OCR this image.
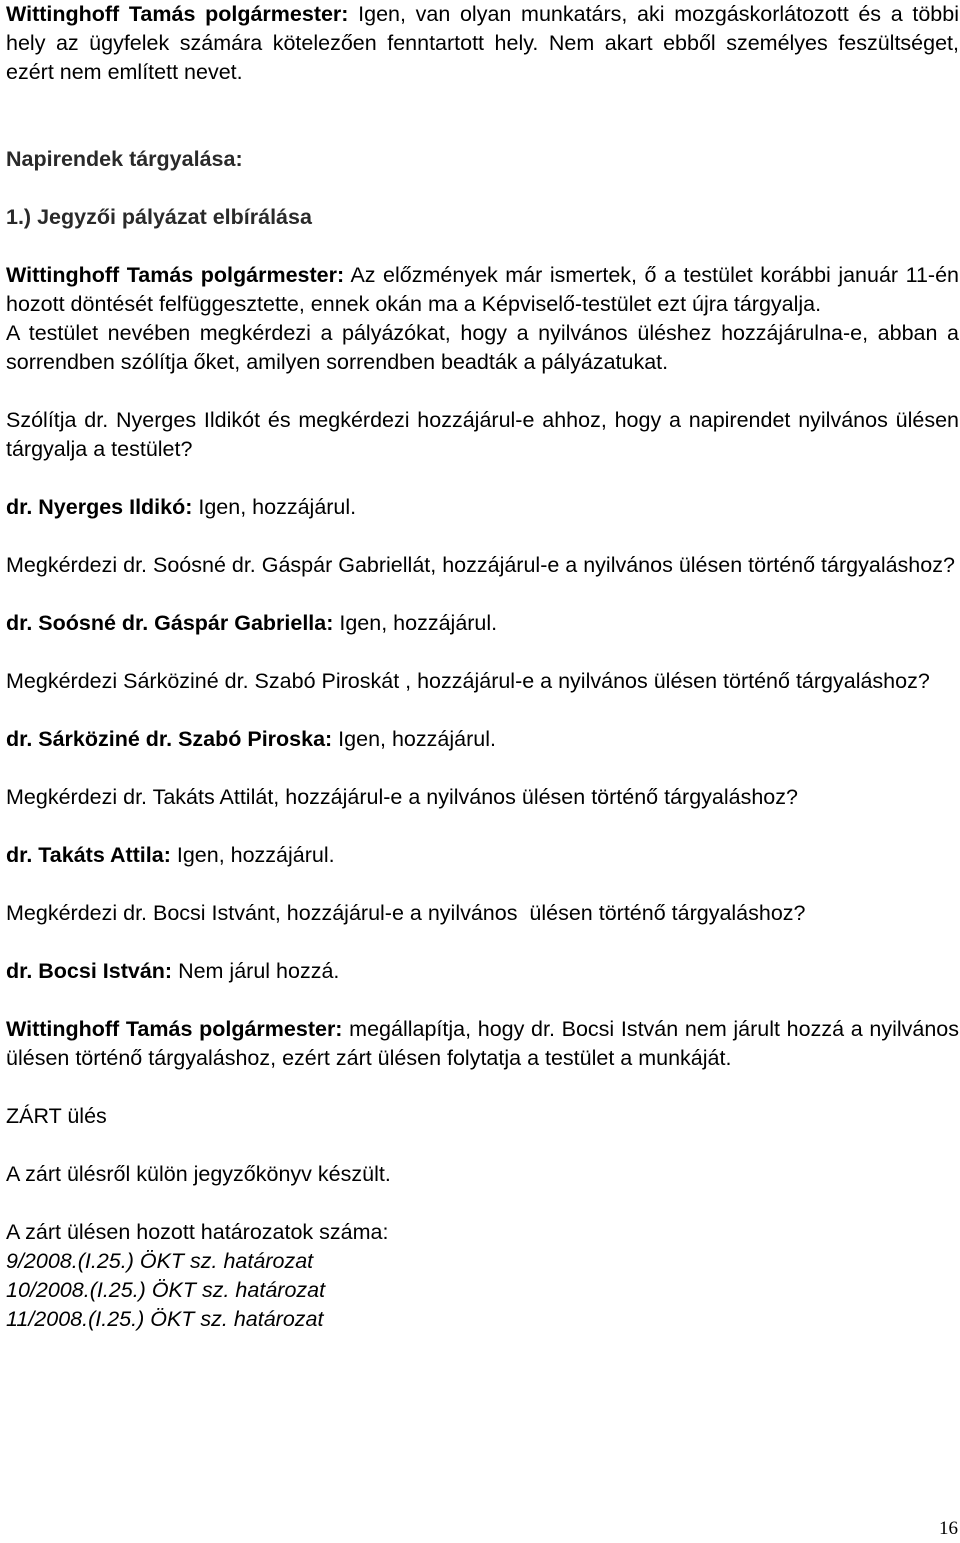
Wittinghoff Tamás polgármester: Igen, van olyan munkatárs, aki mozgáskorlátozott és a többi hely az ügyfelek számára kötelezően fenntartott hely. Nem akart ebből személyes feszültséget, ezért nem említett nevet.

Napirendek tárgyalása:

1.) Jegyzői pályázat elbírálása

Wittinghoff Tamás polgármester: Az előzmények már ismertek, ő a testület korábbi január 11-én hozott döntését felfüggesztette, ennek okán ma a Képviselő-testület ezt újra tárgyalja.

A testület nevében megkérdezi a pályázókat, hogy a nyilvános üléshez hozzájárulna-e, abban a sorrendben szólítja őket, amilyen sorrendben beadták a pályázatukat.

Szólítja dr. Nyerges Ildikót és megkérdezi hozzájárul-e ahhoz, hogy a napirendet nyilvános ülésen tárgyalja a testület?

dr. Nyerges Ildikó: Igen, hozzájárul.

Megkérdezi dr. Soósné dr. Gáspár Gabriellát, hozzájárul-e a nyilvános ülésen történő tárgyaláshoz?

dr. Soósné dr. Gáspár Gabriella: Igen, hozzájárul.

Megkérdezi Sárköziné dr. Szabó Piroskát , hozzájárul-e a nyilvános ülésen történő tárgyaláshoz?

dr. Sárköziné dr. Szabó Piroska: Igen, hozzájárul.

Megkérdezi dr. Takáts Attilát, hozzájárul-e a nyilvános ülésen történő tárgyaláshoz?

dr. Takáts Attila: Igen, hozzájárul.

Megkérdezi dr. Bocsi Istvánt, hozzájárul-e a nyilvános  ülésen történő tárgyaláshoz?

dr. Bocsi István: Nem járul hozzá.

Wittinghoff Tamás polgármester: megállapítja, hogy dr. Bocsi István nem járult hozzá a nyilvános ülésen történő tárgyaláshoz, ezért zárt ülésen folytatja a testület a munkáját.

ZÁRT ülés

A zárt ülésről külön jegyzőkönyv készült.

A zárt ülésen hozott határozatok száma:

9/2008.(I.25.) ÖKT sz. határozat

10/2008.(I.25.) ÖKT sz. határozat

11/2008.(I.25.) ÖKT sz. határozat

16
